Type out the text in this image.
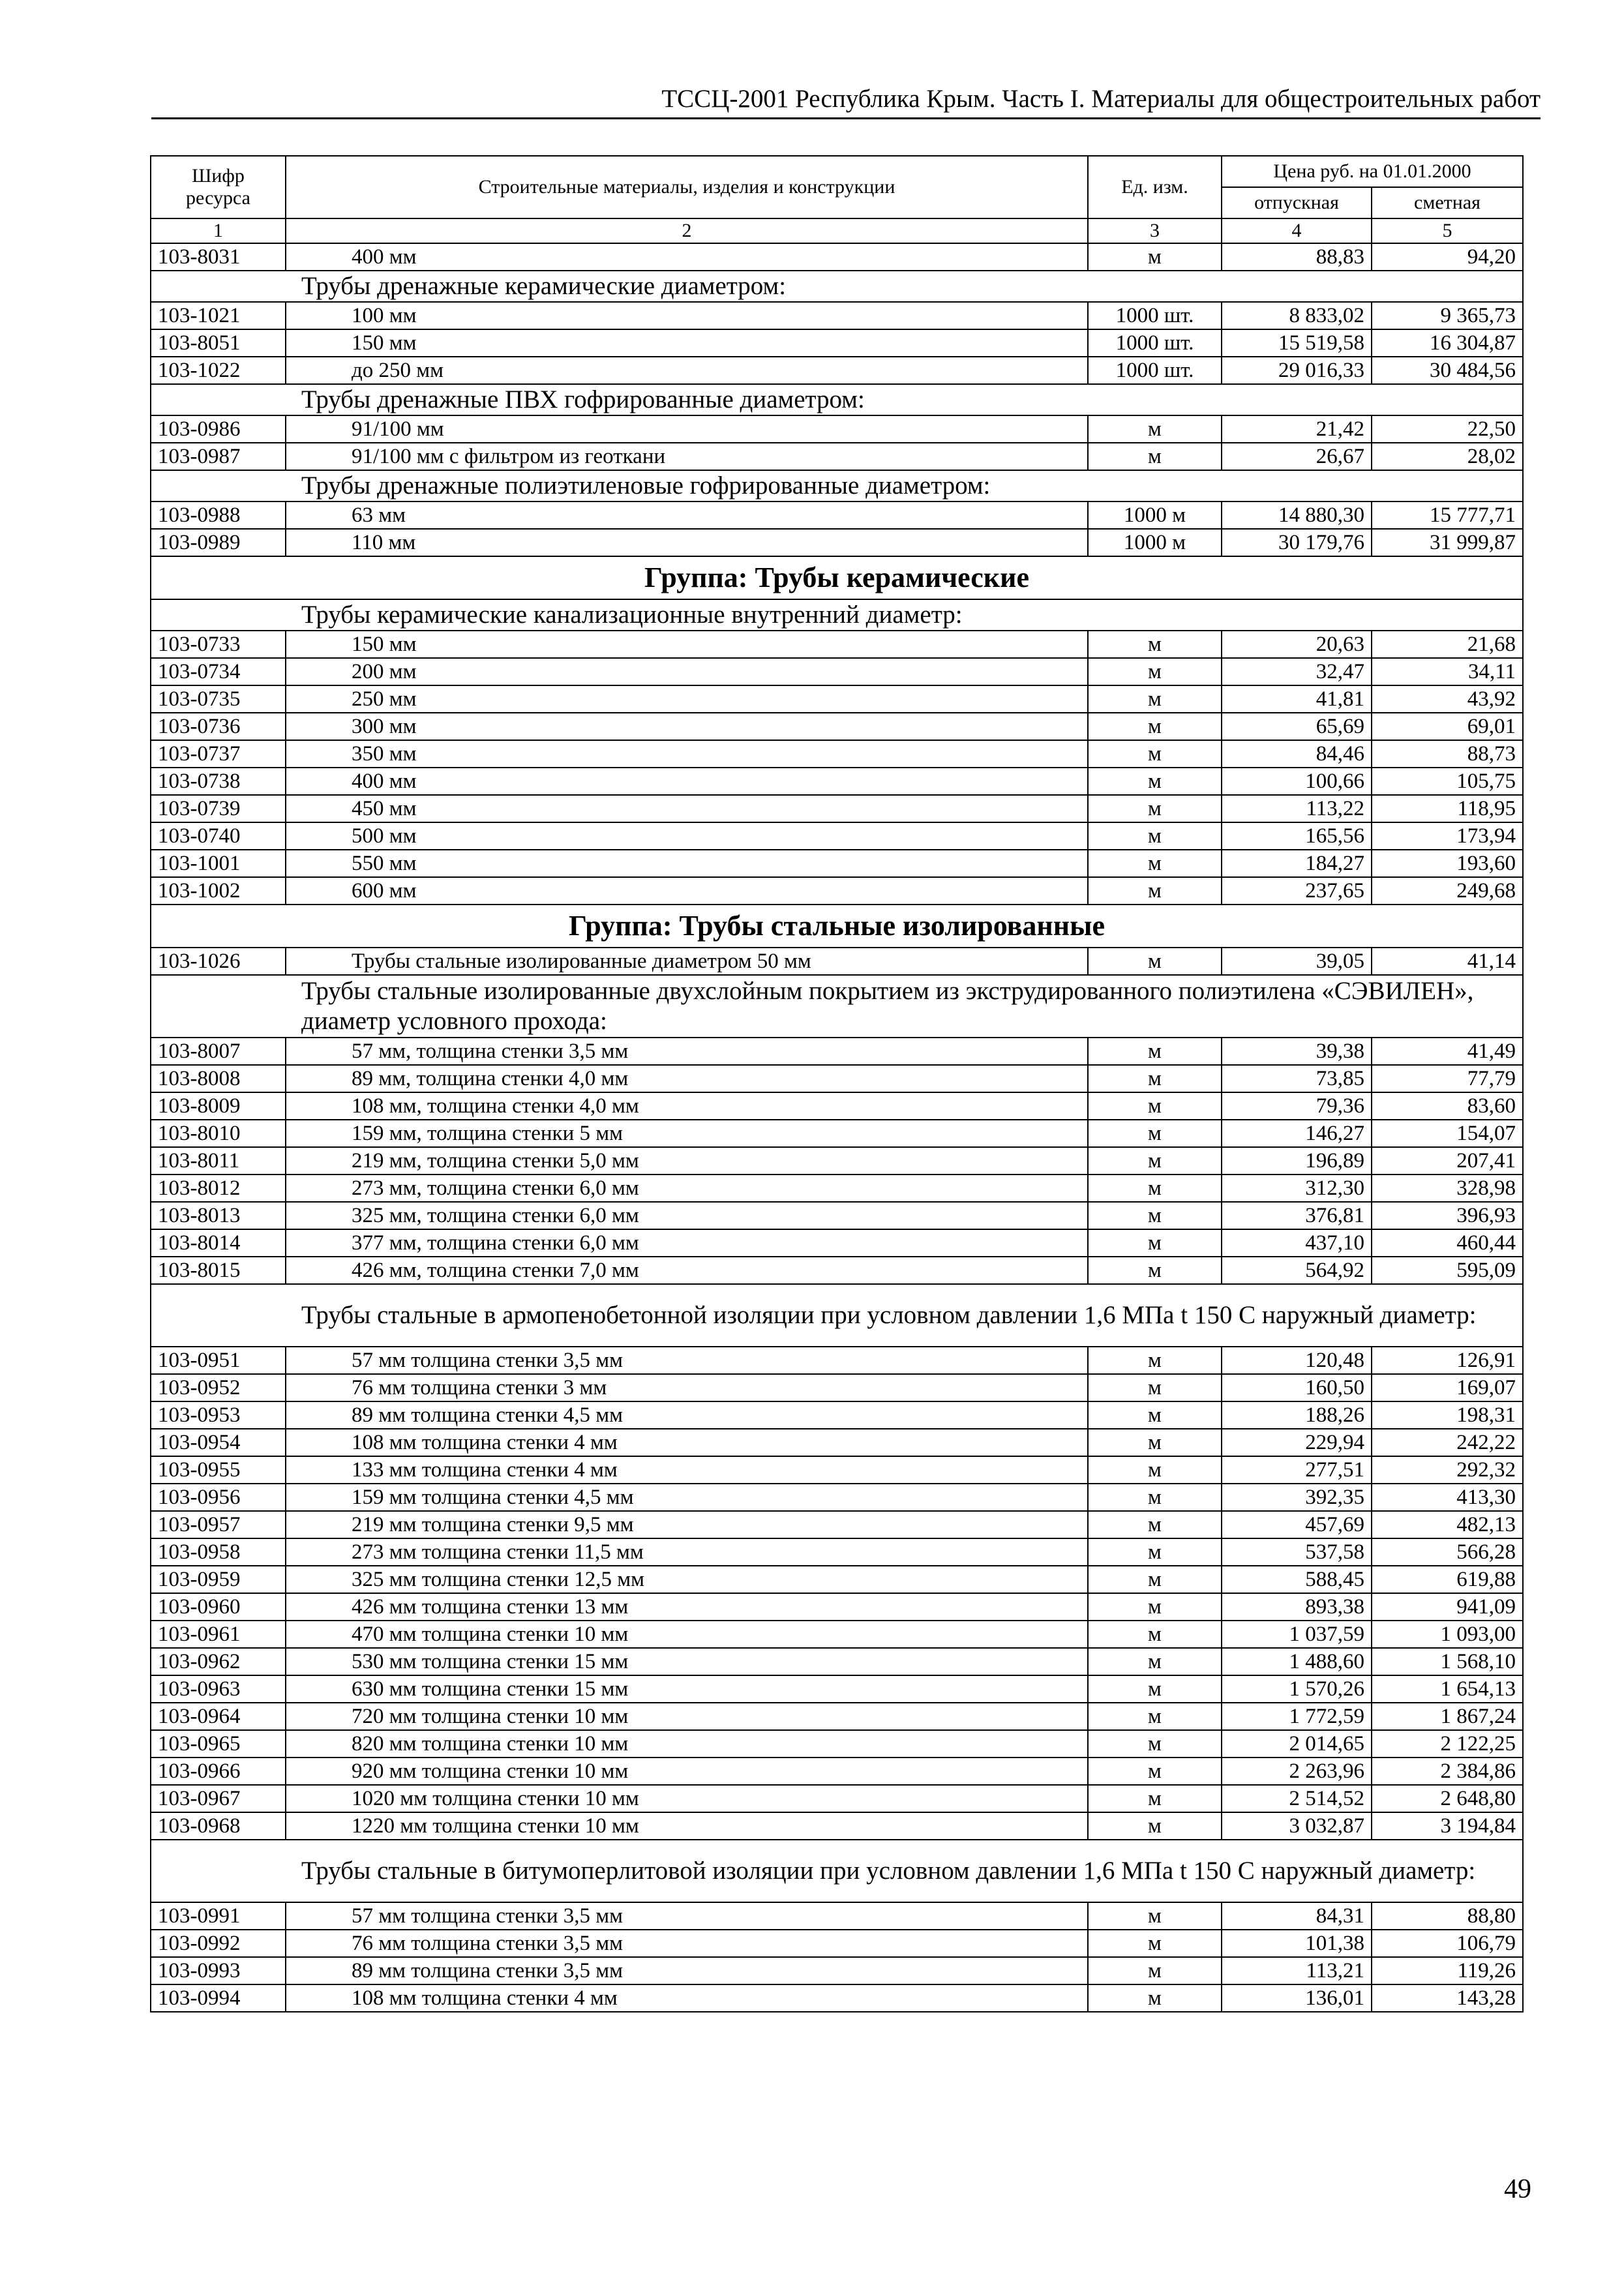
ТССЦ-2001 Республика Крым. Часть I. Материалы для общестроительных работ
Шифр ресурса	Строительные материалы, изделия и конструкции	Ед. изм.	Цена руб. на 01.01.2000	
			отпускная	сметная
1	2	3	4	5
103-8031	400 мм	м	88,83	94,20
Трубы дренажные керамические диаметром:				
103-1021	100 мм	1000 шт.	8 833,02	9 365,73
103-8051	150 мм	1000 шт.	15 519,58	16 304,87
103-1022	до 250 мм	1000 шт.	29 016,33	30 484,56
Трубы дренажные ПВХ гофрированные диаметром:				
103-0986	91/100 мм	м	21,42	22,50
103-0987	91/100 мм с фильтром из геоткани	м	26,67	28,02
Трубы дренажные полиэтиленовые гофрированные диаметром:				
103-0988	63 мм	1000 м	14 880,30	15 777,71
103-0989	110 мм	1000 м	30 179,76	31 999,87
Группа: Трубы керамические				
Трубы керамические канализационные внутренний диаметр:				
103-0733	150 мм	м	20,63	21,68
103-0734	200 мм	м	32,47	34,11
103-0735	250 мм	м	41,81	43,92
103-0736	300 мм	м	65,69	69,01
103-0737	350 мм	м	84,46	88,73
103-0738	400 мм	м	100,66	105,75
103-0739	450 мм	м	113,22	118,95
103-0740	500 мм	м	165,56	173,94
103-1001	550 мм	м	184,27	193,60
103-1002	600 мм	м	237,65	249,68
Группа: Трубы стальные изолированные				
103-1026	Трубы стальные изолированные диаметром 50 мм	м	39,05	41,14
Трубы стальные изолированные двухслойным покрытием из экструдированного полиэтилена «СЭВИЛЕН», диаметр условного прохода:				
103-8007	57 мм, толщина стенки 3,5 мм	м	39,38	41,49
103-8008	89 мм, толщина стенки 4,0 мм	м	73,85	77,79
103-8009	108 мм, толщина стенки 4,0 мм	м	79,36	83,60
103-8010	159 мм, толщина стенки 5 мм	м	146,27	154,07
103-8011	219 мм, толщина стенки 5,0 мм	м	196,89	207,41
103-8012	273 мм, толщина стенки 6,0 мм	м	312,30	328,98
103-8013	325 мм, толщина стенки 6,0 мм	м	376,81	396,93
103-8014	377 мм, толщина стенки 6,0 мм	м	437,10	460,44
103-8015	426 мм, толщина стенки 7,0 мм	м	564,92	595,09
Трубы стальные в армопенобетонной изоляции при условном давлении 1,6 МПа t 150 С наружный диаметр:				
103-0951	57 мм толщина стенки 3,5 мм	м	120,48	126,91
103-0952	76 мм толщина стенки 3 мм	м	160,50	169,07
103-0953	89 мм толщина стенки 4,5 мм	м	188,26	198,31
103-0954	108 мм толщина стенки 4 мм	м	229,94	242,22
103-0955	133 мм толщина стенки 4 мм	м	277,51	292,32
103-0956	159 мм толщина стенки 4,5 мм	м	392,35	413,30
103-0957	219 мм толщина стенки 9,5 мм	м	457,69	482,13
103-0958	273 мм толщина стенки 11,5 мм	м	537,58	566,28
103-0959	325 мм толщина стенки 12,5 мм	м	588,45	619,88
103-0960	426 мм толщина стенки 13 мм	м	893,38	941,09
103-0961	470 мм толщина стенки 10 мм	м	1 037,59	1 093,00
103-0962	530 мм толщина стенки 15 мм	м	1 488,60	1 568,10
103-0963	630 мм толщина стенки 15 мм	м	1 570,26	1 654,13
103-0964	720 мм толщина стенки 10 мм	м	1 772,59	1 867,24
103-0965	820 мм толщина стенки 10 мм	м	2 014,65	2 122,25
103-0966	920 мм толщина стенки 10 мм	м	2 263,96	2 384,86
103-0967	1020 мм толщина стенки 10 мм	м	2 514,52	2 648,80
103-0968	1220 мм толщина стенки 10 мм	м	3 032,87	3 194,84
Трубы стальные в битумоперлитовой изоляции при условном давлении 1,6 МПа t 150 С наружный диаметр:				
103-0991	57 мм толщина стенки 3,5 мм	м	84,31	88,80
103-0992	76 мм толщина стенки 3,5 мм	м	101,38	106,79
103-0993	89 мм толщина стенки 3,5 мм	м	113,21	119,26
103-0994	108 мм толщина стенки 4 мм	м	136,01	143,28
49
